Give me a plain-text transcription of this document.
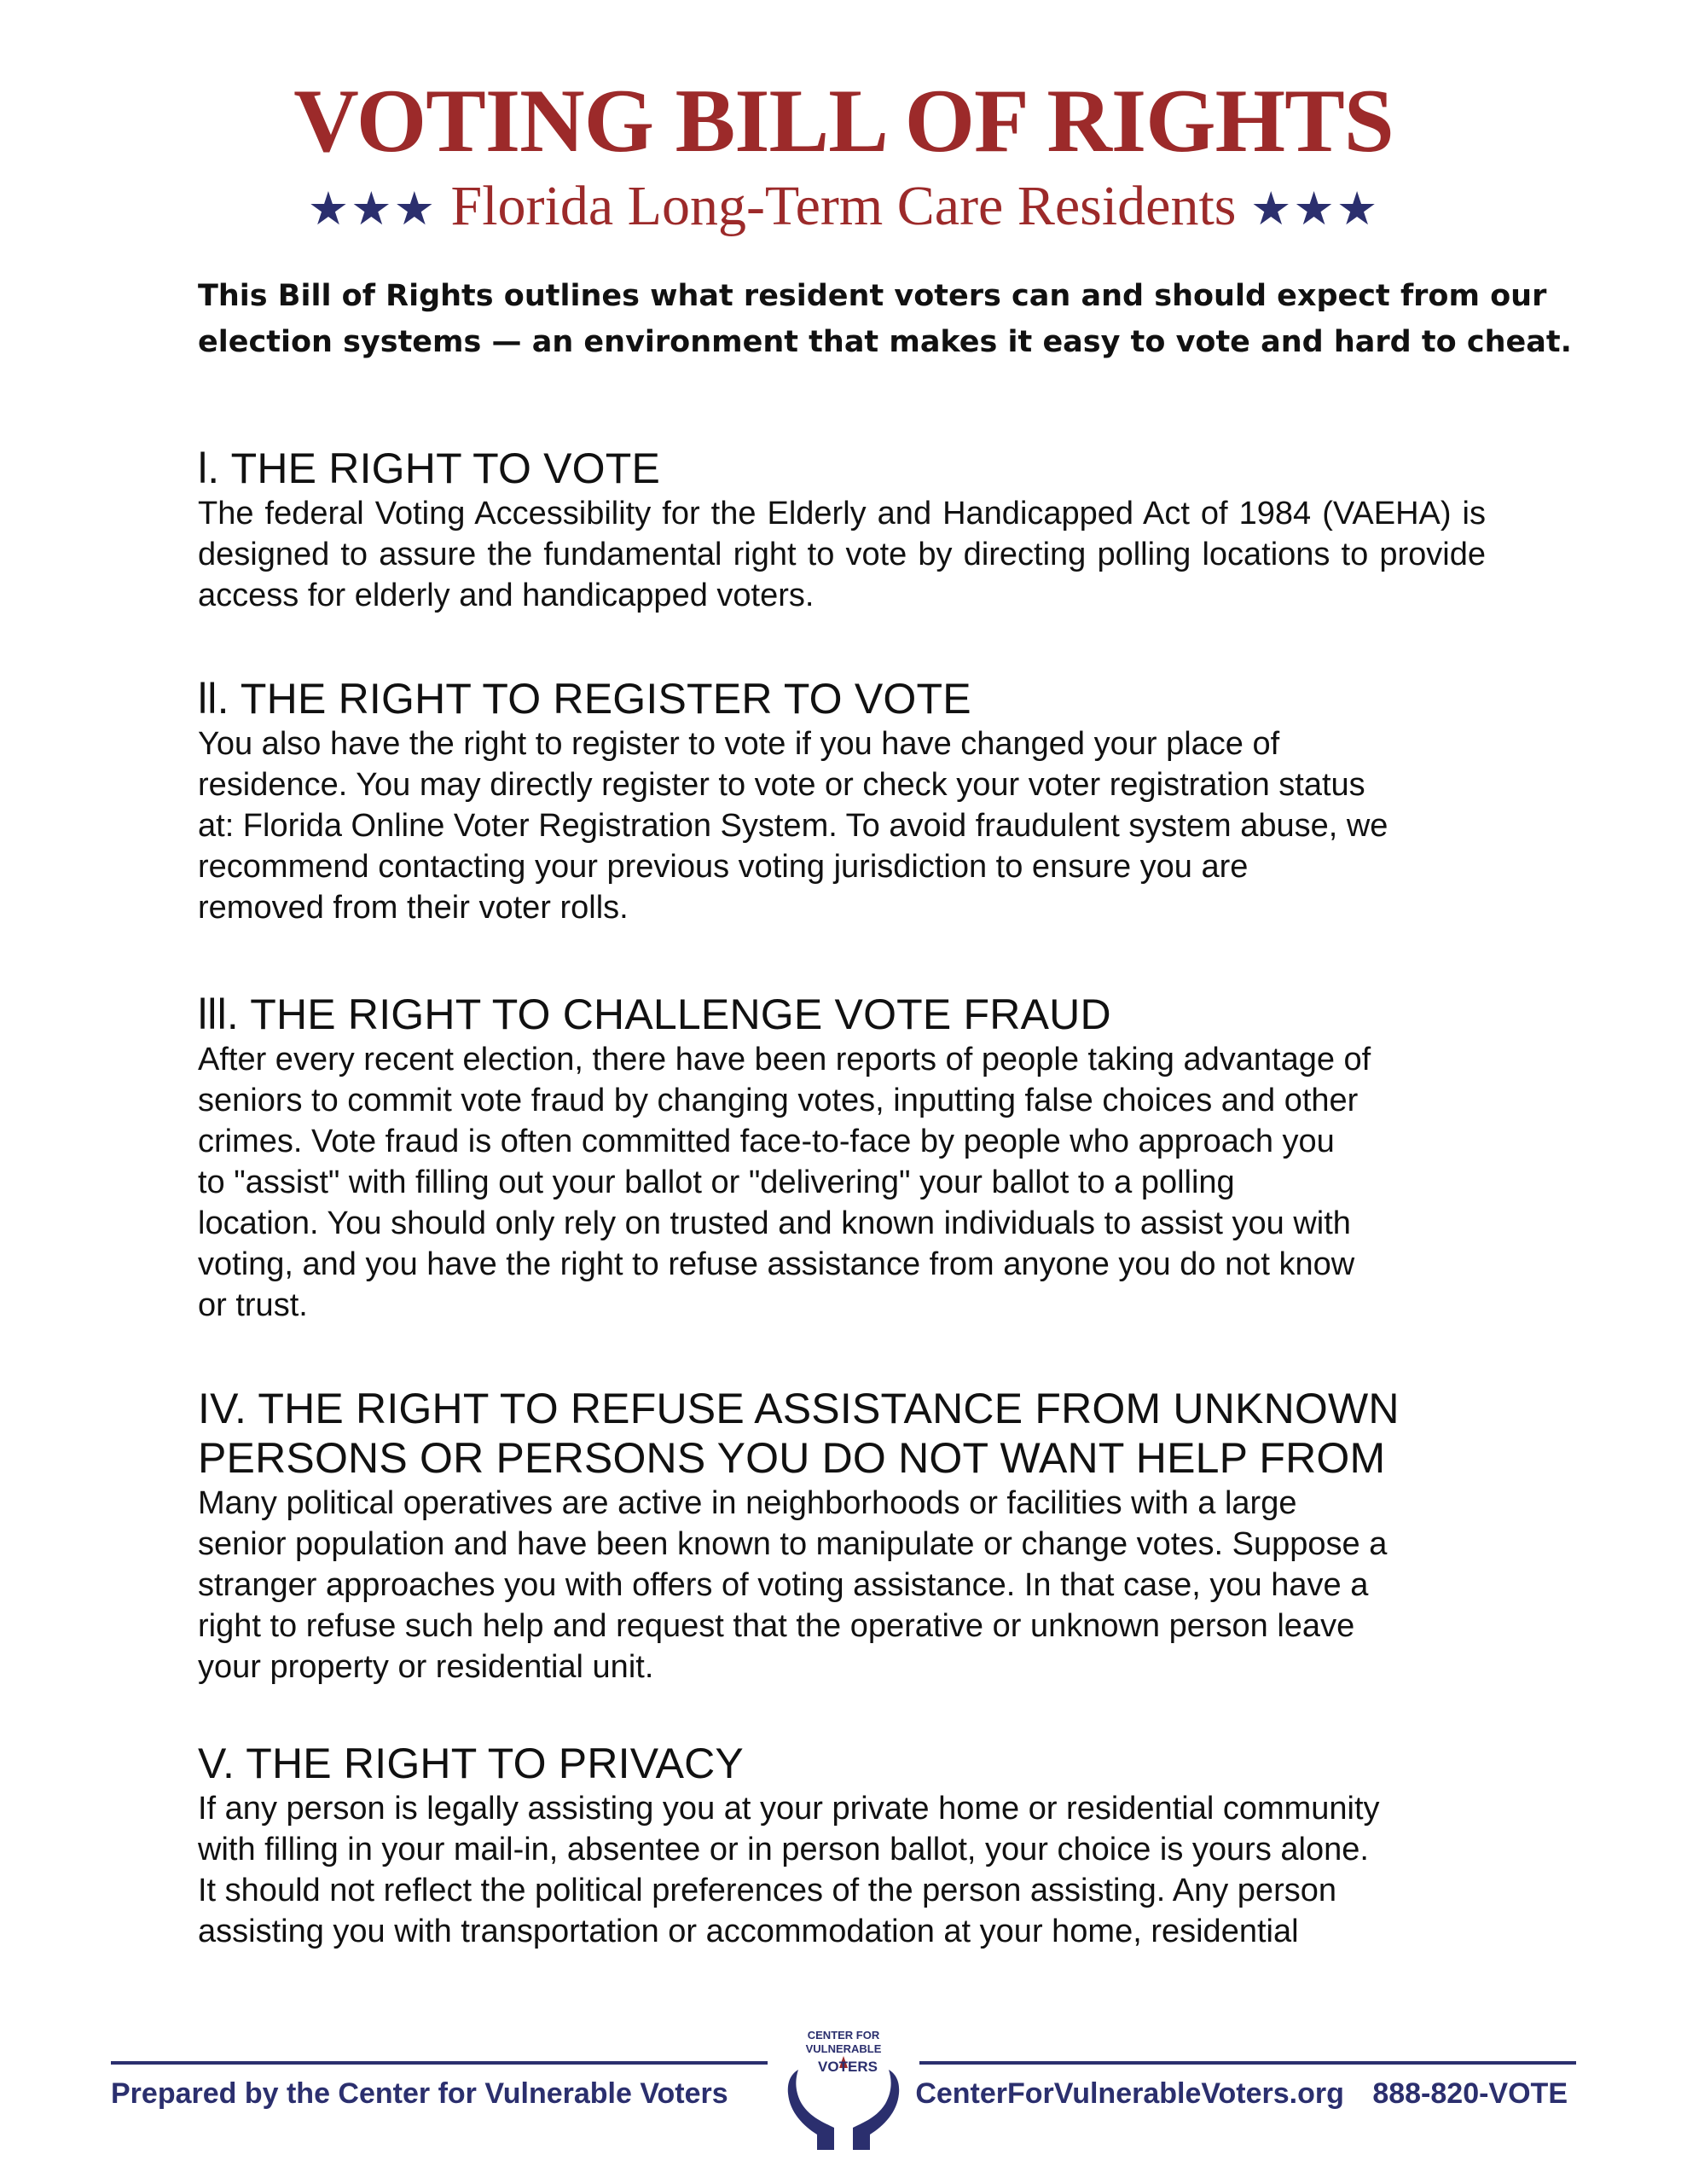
VOTING BILL OF RIGHTS
★★★ Florida Long-Term Care Residents ★★★
This Bill of Rights outlines what resident voters can and should expect from our
election systems — an environment that makes it easy to vote and hard to cheat.
l. THE RIGHT TO VOTE

The federal Voting Accessibility for the Elderly and Handicapped Act of 1984 (VAEHA) is designed to assure the fundamental right to vote by directing polling locations to provide access for elderly and handicapped voters.

ll. THE RIGHT TO REGISTER TO VOTE

You also have the right to register to vote if you have changed your place of
residence. You may directly register to vote or check your voter registration status
at: Florida Online Voter Registration System. To avoid fraudulent system abuse, we
recommend contacting your previous voting jurisdiction to ensure you are
removed from their voter rolls.

lll. THE RIGHT TO CHALLENGE VOTE FRAUD

After every recent election, there have been reports of people taking advantage of
seniors to commit vote fraud by changing votes, inputting false choices and other
crimes. Vote fraud is often committed face-to-face by people who approach you
to "assist" with filling out your ballot or "delivering" your ballot to a polling
location. You should only rely on trusted and known individuals to assist you with
voting, and you have the right to refuse assistance from anyone you do not know
or trust.

IV. THE RIGHT TO REFUSE ASSISTANCE FROM UNKNOWN
PERSONS OR PERSONS YOU DO NOT WANT HELP FROM

Many political operatives are active in neighborhoods or facilities with a large
senior population and have been known to manipulate or change votes. Suppose a
stranger approaches you with offers of voting assistance. In that case, you have a
right to refuse such help and request that the operative or unknown person leave
your property or residential unit.

V. THE RIGHT TO PRIVACY

If any person is legally assisting you at your private home or residential community
with filling in your mail-in, absentee or in person ballot, your choice is yours alone.
It should not reflect the political preferences of the person assisting. Any person
assisting you with transportation or accommodation at your home, residential

Prepared by the Center for Vulnerable Voters
CENTER FOR
VULNERABLE
VOTERS
CenterForVulnerableVoters.org 888-820-VOTE
